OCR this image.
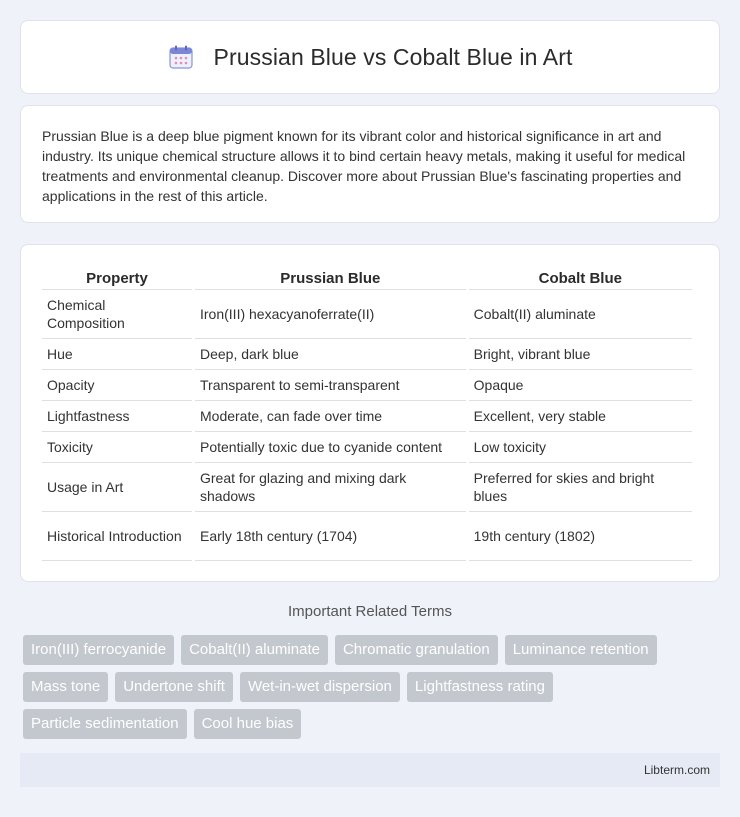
Prussian Blue vs Cobalt Blue in Art

Prussian Blue is a deep blue pigment known for its vibrant color and historical significance in art and industry. Its unique chemical structure allows it to bind certain heavy metals, making it useful for medical treatments and environmental cleanup. Discover more about Prussian Blue's fascinating properties and applications in the rest of this article.

Property	Prussian Blue	Cobalt Blue
Chemical Composition	Iron(III) hexacyanoferrate(II)	Cobalt(II) aluminate
Hue	Deep, dark blue	Bright, vibrant blue
Opacity	Transparent to semi-transparent	Opaque
Lightfastness	Moderate, can fade over time	Excellent, very stable
Toxicity	Potentially toxic due to cyanide content	Low toxicity
Usage in Art	Great for glazing and mixing dark shadows	Preferred for skies and bright blues
Historical Introduction	Early 18th century (1704)	19th century (1802)
Important Related Terms
Iron(III) ferrocyanide	Cobalt(II) aluminate	Chromatic granulation	Luminance retention
Mass tone	Undertone shift	Wet-in-wet dispersion	Lightfastness rating
Particle sedimentation	Cool hue bias
Libterm.com
